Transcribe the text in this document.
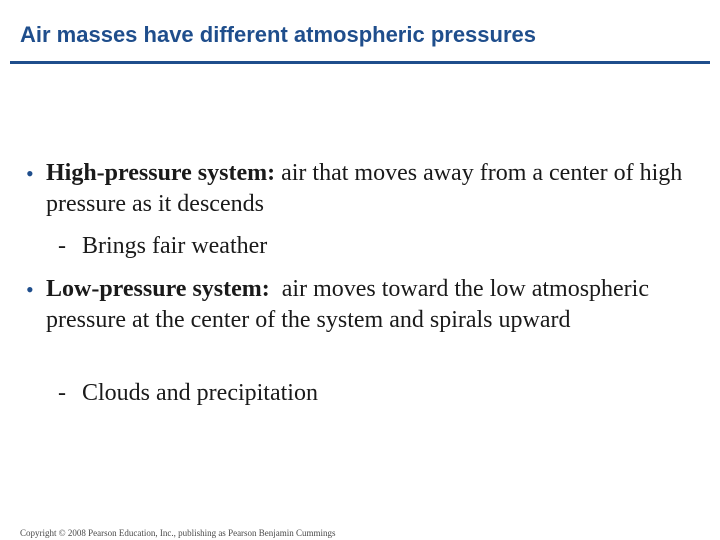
Air masses have different atmospheric pressures

• High-pressure system: air that moves away from a center of high pressure as it descends

- Brings fair weather

• Low-pressure system:  air moves toward the low atmospheric pressure at the center of the system and spirals upward

- Clouds and precipitation

Copyright © 2008 Pearson Education, Inc., publishing as Pearson Benjamin Cummings
